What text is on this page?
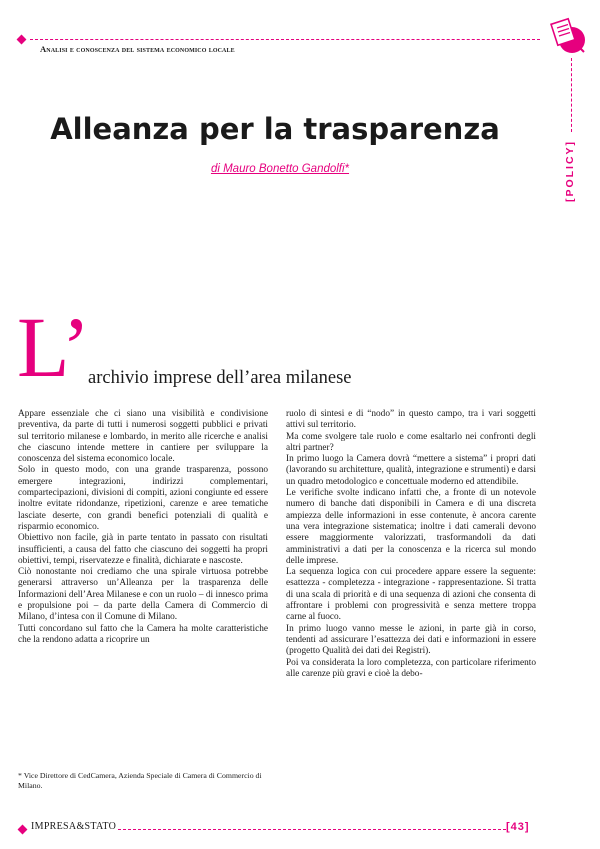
Analisi e conoscenza del sistema economico locale
[POLICY]
Alleanza per la trasparenza
di Mauro Bonetto Gandolfi*
L’
archivio imprese dell’area milanese

Appare essenziale che ci siano una visibilità e condivisione preventiva, da parte di tutti i numerosi soggetti pubblici e privati sul territorio milanese e lombardo, in merito alle ricerche e analisi che ciascuno intende mettere in cantiere per sviluppare la conoscenza del sistema economico locale.

Solo in questo modo, con una grande trasparenza, possono emergere integrazioni, indirizzi complementari, compartecipazioni, divisioni di compiti, azioni congiunte ed essere inoltre evitate ridondanze, ripetizioni, carenze e aree tematiche lasciate deserte, con grandi benefici potenziali di qualità e risparmio economico.

Obiettivo non facile, già in parte tentato in passato con risultati insufficienti, a causa del fatto che ciascuno dei soggetti ha propri obiettivi, tempi, riservatezze e finalità, dichiarate e nascoste.

Ciò nonostante noi crediamo che una spirale virtuosa potrebbe generarsi attraverso un’Alleanza per la trasparenza delle Informazioni dell’Area Milanese e con un ruolo – di innesco prima e propulsione poi – da parte della Camera di Commercio di Milano, d’intesa con il Comune di Milano.

Tutti concordano sul fatto che la Camera ha molte caratteristiche che la rendono adatta a ricoprire un

* Vice Direttore di CedCamera, Azienda Speciale di Camera di Commercio di Milano.

ruolo di sintesi e di “nodo” in questo campo, tra i vari soggetti attivi sul territorio.

Ma come svolgere tale ruolo e come esaltarlo nei confronti degli altri partner?

In primo luogo la Camera dovrà “mettere a sistema” i propri dati (lavorando su architetture, qualità, integrazione e strumenti) e darsi un quadro metodologico e concettuale moderno ed attendibile.

Le verifiche svolte indicano infatti che, a fronte di un notevole numero di banche dati disponibili in Camera e di una discreta ampiezza delle informazioni in esse contenute, è ancora carente una vera integrazione sistematica; inoltre i dati camerali devono essere maggiormente valorizzati, trasformandoli da dati amministrativi a dati per la conoscenza e la ricerca sul mondo delle imprese.

La sequenza logica con cui procedere appare essere la seguente: esattezza - completezza - integrazione - rappresentazione. Si tratta di una scala di priorità e di una sequenza di azioni che consenta di affrontare i problemi con progressività e senza mettere troppa carne al fuoco.

In primo luogo vanno messe le azioni, in parte già in corso, tendenti ad assicurare l’esattezza dei dati e informazioni in essere (progetto Qualità dei dati dei Registri).

Poi va considerata la loro completezza, con particolare riferimento alle carenze più gravi e cioè la debo-

IMPRESA&STATO	[43]
